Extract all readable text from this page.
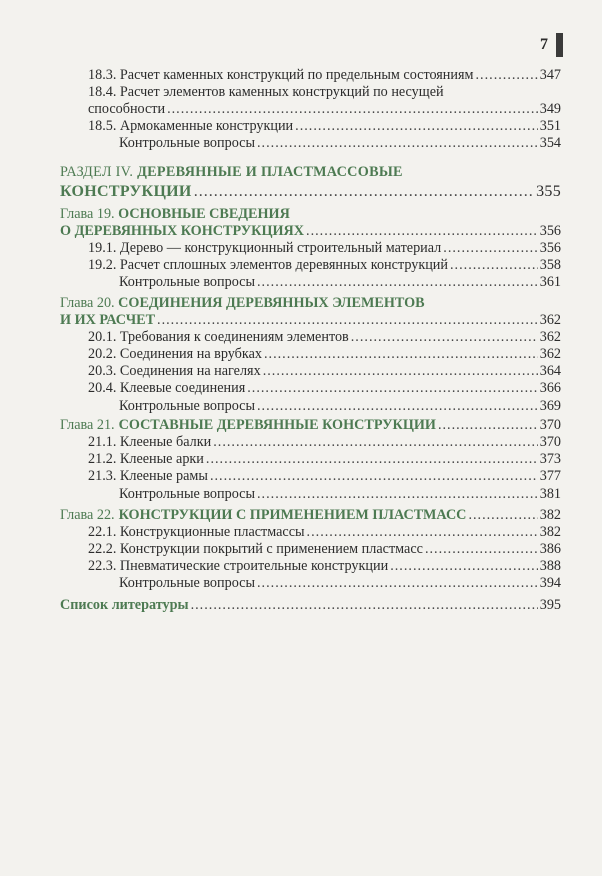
7
18.3. Расчет каменных конструкций по предельным состояниям .....	347
18.4. Расчет элементов каменных конструкций по несущей
способности .....	349
18.5. Армокаменные конструкции .....	351
Контрольные вопросы .....	354
РАЗДЕЛ IV. ДЕРЕВЯННЫЕ И ПЛАСТМАССОВЫЕ
КОНСТРУКЦИИ .....	355
Глава 19. ОСНОВНЫЕ СВЕДЕНИЯ
О ДЕРЕВЯННЫХ КОНСТРУКЦИЯХ .....	356
19.1. Дерево — конструкционный строительный материал .....	356
19.2. Расчет сплошных элементов деревянных конструкций .....	358
Контрольные вопросы .....	361
Глава 20. СОЕДИНЕНИЯ ДЕРЕВЯННЫХ ЭЛЕМЕНТОВ
И ИХ РАСЧЕТ .....	362
20.1. Требования к соединениям элементов .....	362
20.2. Соединения на врубках .....	362
20.3. Соединения на нагелях .....	364
20.4. Клеевые соединения .....	366
Контрольные вопросы .....	369
Глава 21. СОСТАВНЫЕ ДЕРЕВЯННЫЕ КОНСТРУКЦИИ .....	370
21.1. Клееные балки .....	370
21.2. Клееные арки .....	373
21.3. Клееные рамы .....	377
Контрольные вопросы .....	381
Глава 22. КОНСТРУКЦИИ С ПРИМЕНЕНИЕМ ПЛАСТМАСС .....	382
22.1. Конструкционные пластмассы .....	382
22.2. Конструкции покрытий с применением пластмасс .....	386
22.3. Пневматические строительные конструкции .....	388
Контрольные вопросы .....	394
Список литературы .....	395
